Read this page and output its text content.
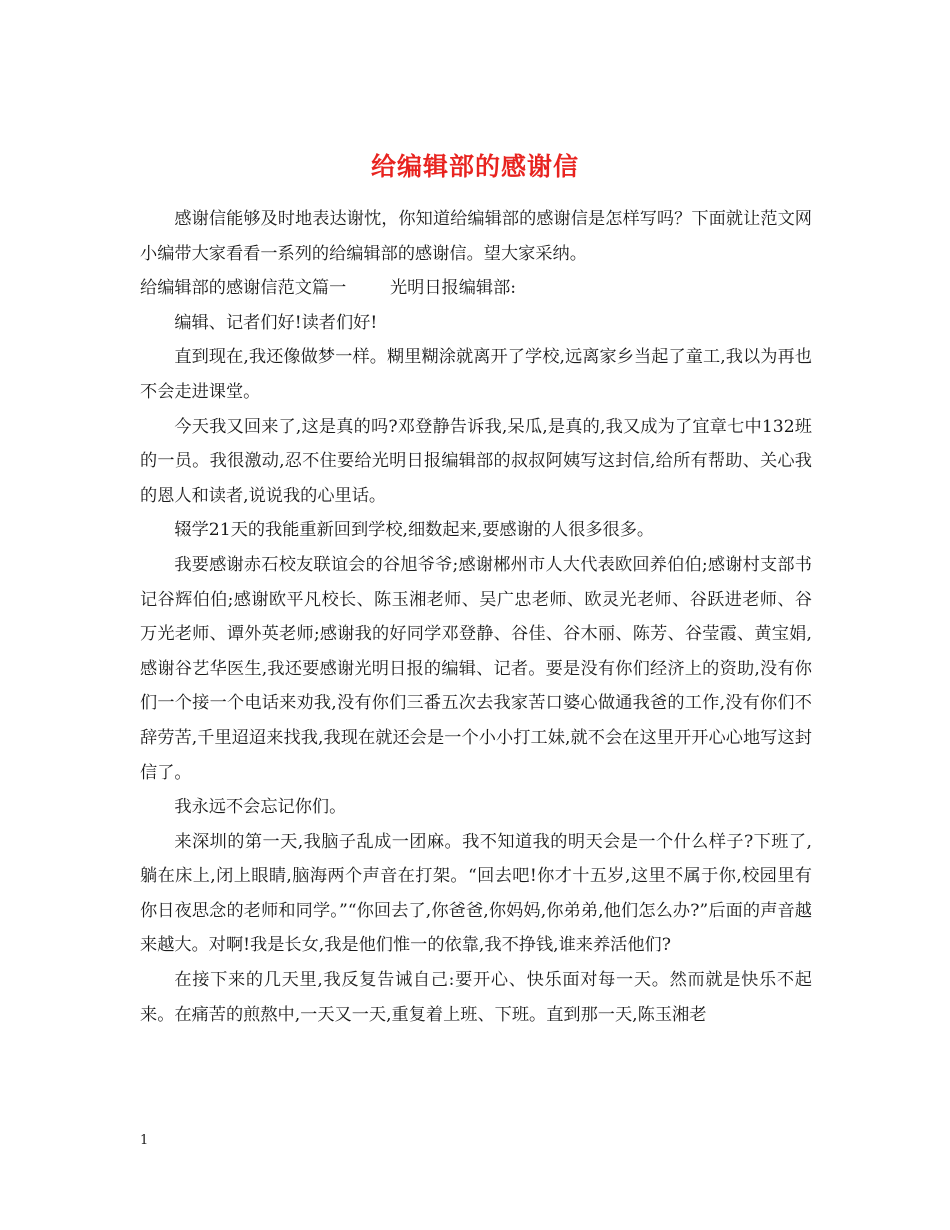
给编辑部的感谢信

感谢信能够及时地表达谢忱，你知道给编辑部的感谢信是怎样写吗？下面就让范文网小编带大家看看一系列的给编辑部的感谢信。望大家采纳。

给编辑部的感谢信范文篇一	光明日报编辑部:

编辑、记者们好!读者们好!

直到现在,我还像做梦一样。糊里糊涂就离开了学校,远离家乡当起了童工,我以为再也不会走进课堂。

今天我又回来了,这是真的吗?邓登静告诉我,呆瓜,是真的,我又成为了宜章七中132班的一员。我很激动,忍不住要给光明日报编辑部的叔叔阿姨写这封信,给所有帮助、关心我的恩人和读者,说说我的心里话。

辍学21天的我能重新回到学校,细数起来,要感谢的人很多很多。

我要感谢赤石校友联谊会的谷旭爷爷;感谢郴州市人大代表欧回养伯伯;感谢村支部书记谷辉伯伯;感谢欧平凡校长、陈玉湘老师、吴广忠老师、欧灵光老师、谷跃进老师、谷万光老师、谭外英老师;感谢我的好同学邓登静、谷佳、谷木丽、陈芳、谷莹霞、黄宝娟,感谢谷艺华医生,我还要感谢光明日报的编辑、记者。要是没有你们经济上的资助,没有你们一个接一个电话来劝我,没有你们三番五次去我家苦口婆心做通我爸的工作,没有你们不辞劳苦,千里迢迢来找我,我现在就还会是一个小小打工妹,就不会在这里开开心心地写这封信了。

我永远不会忘记你们。

来深圳的第一天,我脑子乱成一团麻。我不知道我的明天会是一个什么样子?下班了,躺在床上,闭上眼睛,脑海两个声音在打架。“回去吧!你才十五岁,这里不属于你,校园里有你日夜思念的老师和同学。”“你回去了,你爸爸,你妈妈,你弟弟,他们怎么办?”后面的声音越来越大。对啊!我是长女,我是他们惟一的依靠,我不挣钱,谁来养活他们?

在接下来的几天里,我反复告诫自己:要开心、快乐面对每一天。然而就是快乐不起来。在痛苦的煎熬中,一天又一天,重复着上班、下班。直到那一天,陈玉湘老

1
